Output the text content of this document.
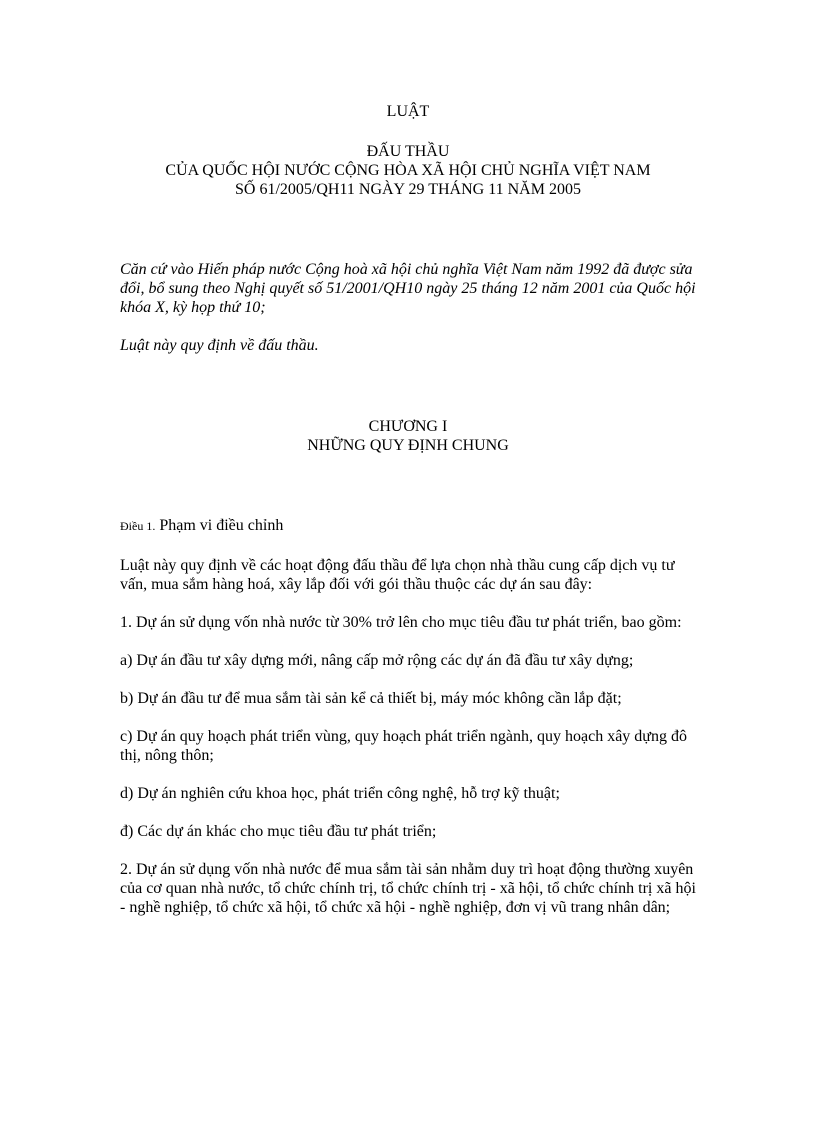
LUẬT
ĐẤU THẦU
CỦA QUỐC HỘI NƯỚC CỘNG HÒA XÃ HỘI CHỦ NGHĨA VIỆT NAM
SỐ 61/2005/QH11 NGÀY 29 THÁNG 11 NĂM 2005

Căn cứ vào Hiến pháp nước Cộng hoà xã hội chủ nghĩa Việt Nam năm 1992 đã được sửa đổi, bổ sung theo Nghị quyết số 51/2001/QH10 ngày 25 tháng 12 năm 2001 của Quốc hội khóa X, kỳ họp thứ 10;

Luật này quy định về đấu thầu.

CHƯƠNG I
NHỮNG QUY ĐỊNH CHUNG
Điều 1. Phạm vi điều chỉnh

Luật này quy định về các hoạt động đấu thầu để lựa chọn nhà thầu cung cấp dịch vụ tư vấn, mua sắm hàng hoá, xây lắp đối với gói thầu thuộc các dự án sau đây:

1. Dự án sử dụng vốn nhà nước từ 30% trở lên cho mục tiêu đầu tư phát triển, bao gồm:

a) Dự án đầu tư xây dựng mới, nâng cấp mở rộng các dự án đã đầu tư xây dựng;

b) Dự án đầu tư để mua sắm tài sản kể cả thiết bị, máy móc không cần lắp đặt;

c) Dự án quy hoạch phát triển vùng, quy hoạch phát triển ngành, quy hoạch xây dựng đô thị, nông thôn;

d) Dự án nghiên cứu khoa học, phát triển công nghệ, hỗ trợ kỹ thuật;

đ) Các dự án khác cho mục tiêu đầu tư phát triển;

2. Dự án sử dụng vốn nhà nước để mua sắm tài sản nhằm duy trì hoạt động thường xuyên của cơ quan nhà nước, tổ chức chính trị, tổ chức chính trị - xã hội, tổ chức chính trị xã hội - nghề nghiệp, tổ chức xã hội, tổ chức xã hội - nghề nghiệp, đơn vị vũ trang nhân dân;
